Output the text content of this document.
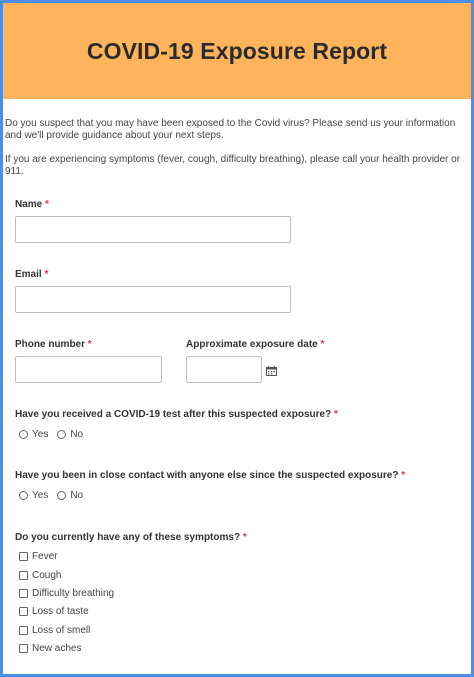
COVID-19 Exposure Report

Do you suspect that you may have been exposed to the Covid virus? Please send us your information and we'll provide guidance about your next steps.

If you are experiencing symptoms (fever, cough, difficulty breathing), please call your health provider or 911.

Name *
Email *
Phone number *	Approximate exposure date *
Have you received a COVID-19 test after this suspected exposure? *
Yes No
Have you been in close contact with anyone else since the suspected exposure? *
Yes No
Do you currently have any of these symptoms? *
Fever
Cough
Difficulty breathing
Loss of taste
Loss of smell
New aches
